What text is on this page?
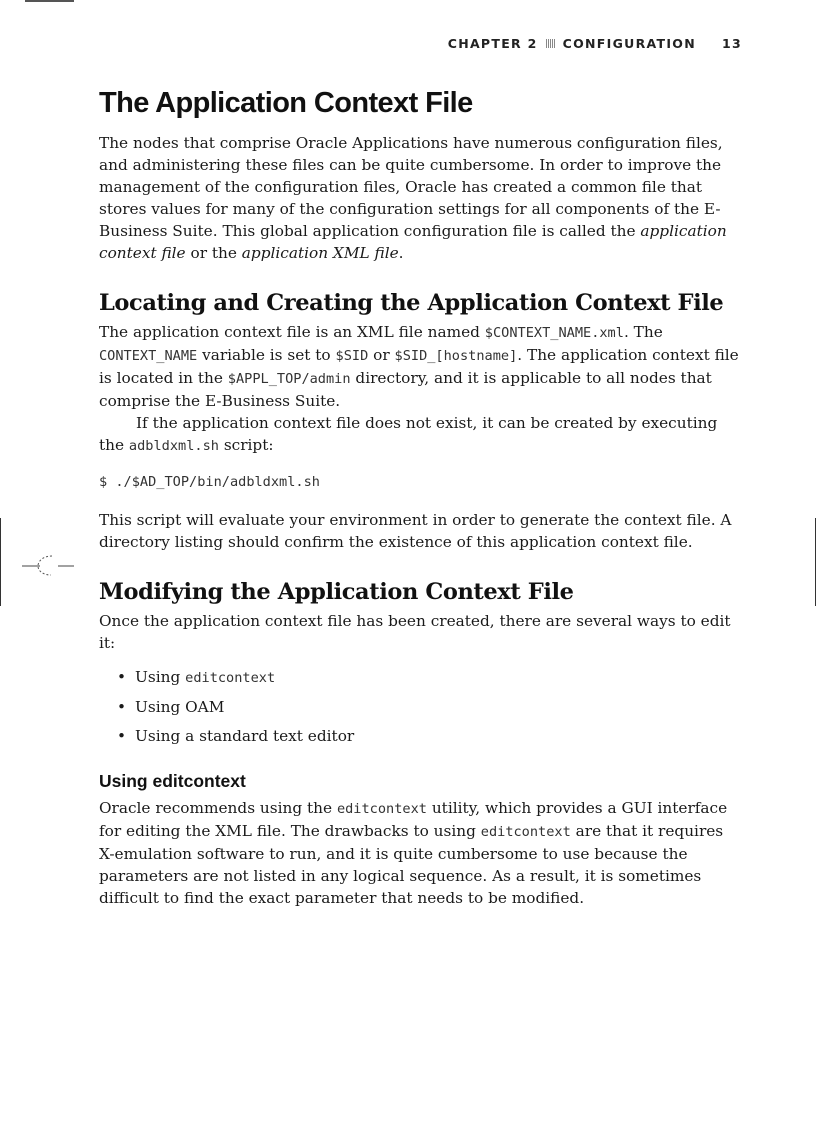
CHAPTER 2 CONFIGURATION 13
The Application Context File

The nodes that comprise Oracle Applications have numerous configuration files, and administering these files can be quite cumbersome. In order to improve the management of the configuration files, Oracle has created a common file that stores values for many of the configuration settings for all components of the E-Business Suite. This global application configuration file is called the application context file or the application XML file.

Locating and Creating the Application Context File

The application context file is an XML file named $CONTEXT_NAME.xml. The CONTEXT_NAME variable is set to $SID or $SID_[hostname]. The application context file is located in the $APPL_TOP/admin directory, and it is applicable to all nodes that comprise the E-Business Suite.

If the application context file does not exist, it can be created by executing the adbldxml.sh script:

$ ./$AD_TOP/bin/adbldxml.sh

This script will evaluate your environment in order to generate the context file. A directory listing should confirm the existence of this application context file.

Modifying the Application Context File

Once the application context file has been created, there are several ways to edit it:

• Using editcontext
• Using OAM
• Using a standard text editor
Using editcontext

Oracle recommends using the editcontext utility, which provides a GUI interface for editing the XML file. The drawbacks to using editcontext are that it requires X-emulation software to run, and it is quite cumbersome to use because the parameters are not listed in any logical sequence. As a result, it is sometimes difficult to find the exact parameter that needs to be modified.
